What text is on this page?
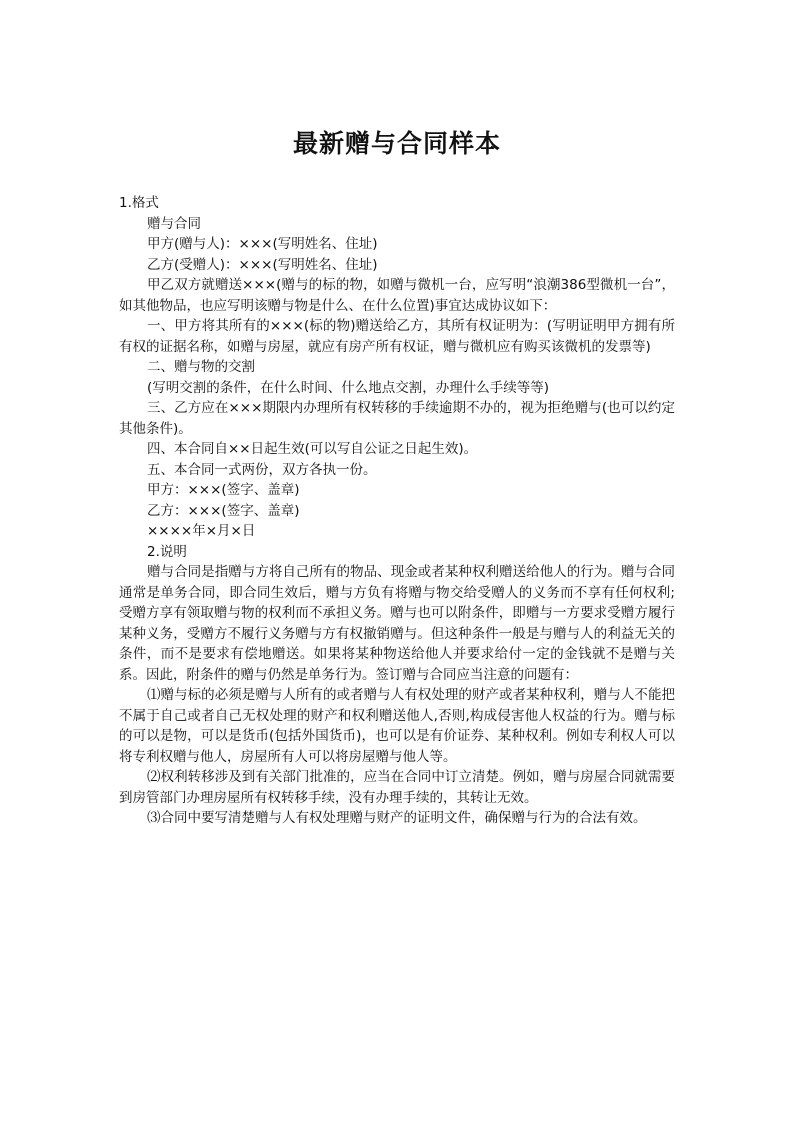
最新赠与合同样本

1.格式

赠与合同

甲方(赠与人)：×××(写明姓名、住址)

乙方(受赠人)：×××(写明姓名、住址)

甲乙双方就赠送×××(赠与的标的物，如赠与微机一台，应写明“浪潮386型微机一台”，如其他物品，也应写明该赠与物是什么、在什么位置)事宜达成协议如下：

一、甲方将其所有的×××(标的物)赠送给乙方，其所有权证明为：(写明证明甲方拥有所有权的证据名称，如赠与房屋，就应有房产所有权证，赠与微机应有购买该微机的发票等)

二、赠与物的交割

(写明交割的条件，在什么时间、什么地点交割，办理什么手续等等)

三、乙方应在×××期限内办理所有权转移的手续逾期不办的，视为拒绝赠与(也可以约定其他条件)。

四、本合同自××日起生效(可以写自公证之日起生效)。

五、本合同一式两份，双方各执一份。

甲方：×××(签字、盖章)

乙方：×××(签字、盖章)

××××年×月×日

2.说明

赠与合同是指赠与方将自己所有的物品、现金或者某种权利赠送给他人的行为。赠与合同通常是单务合同，即合同生效后，赠与方负有将赠与物交给受赠人的义务而不享有任何权利;受赠方享有领取赠与物的权利而不承担义务。赠与也可以附条件，即赠与一方要求受赠方履行某种义务，受赠方不履行义务赠与方有权撤销赠与。但这种条件一般是与赠与人的利益无关的条件，而不是要求有偿地赠送。如果将某种物送给他人并要求给付一定的金钱就不是赠与关系。因此，附条件的赠与仍然是单务行为。签订赠与合同应当注意的问题有：

⑴赠与标的必须是赠与人所有的或者赠与人有权处理的财产或者某种权利，赠与人不能把不属于自己或者自己无权处理的财产和权利赠送他人,否则,构成侵害他人权益的行为。赠与标的可以是物，可以是货币(包括外国货币)，也可以是有价证券、某种权利。例如专利权人可以将专利权赠与他人，房屋所有人可以将房屋赠与他人等。

⑵权利转移涉及到有关部门批准的，应当在合同中订立清楚。例如，赠与房屋合同就需要到房管部门办理房屋所有权转移手续，没有办理手续的，其转让无效。

⑶合同中要写清楚赠与人有权处理赠与财产的证明文件，确保赠与行为的合法有效。
